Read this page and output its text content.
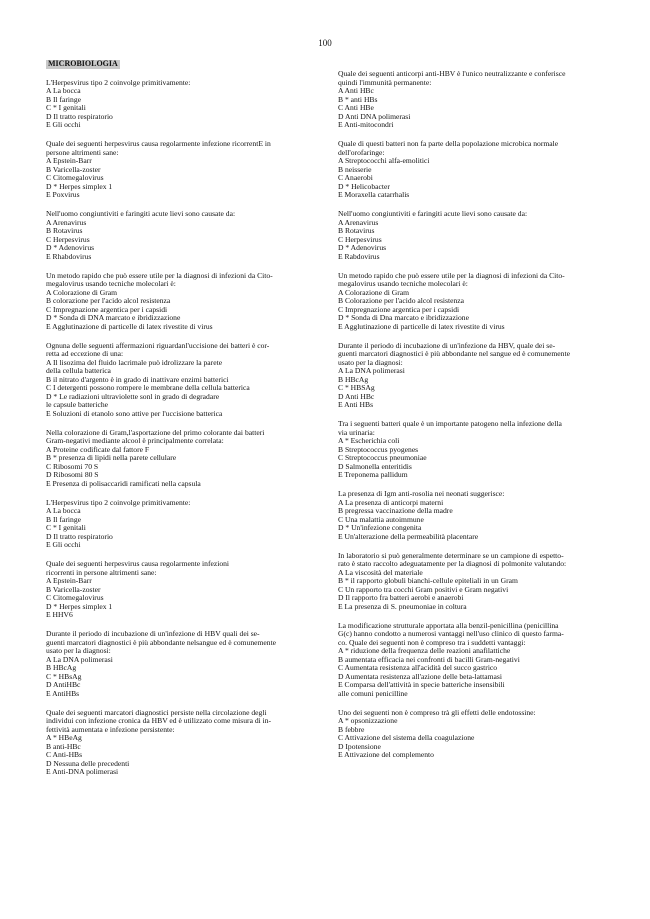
100
MICROBIOLOGIA
L'Herpesvirus tipo 2 coinvolge primitivamente:
A La bocca
B Il faringe
C * I genitali
D Il tratto respiratorio
E Gli occhi
Quale dei seguenti herpesvirus causa regolarmente infezione ricorrentE in
persone altrimenti sane:
A Epstein-Barr
B Varicella-zoster
C Citomegalovirus
D * Herpes simplex 1
E Poxvirus
Nell'uomo congiuntiviti e faringiti acute lievi sono causate da:
A Arenavirus
B Rotavirus
C Herpesvirus
D * Adenovirus
E Rhabdovirus
Un metodo rapido che può essere utile per la diagnosi di infezioni da Cito-
megalovirus usando tecniche molecolari è:
A Colorazione di Gram
B colorazione per l'acido alcol resistenza
C Impregnazione argentica per i capsidi
D * Sonda di DNA marcato e ibridizzazione
E Agglutinazione di particelle di latex rivestite di virus
Ognuna delle seguenti affermazioni riguardanl'uccisione dei batteri è cor-
retta ad eccezione di una:
A Il lisozima del fluido lacrimale può idrolizzare la parete
della cellula batterica
B il nitrato d'argento è in grado di inattivare enzimi batterici
C I detergenti possono rompere le membrane della cellula batterica
D * Le radiazioni ultraviolette sonl in grado di degradare
le capsule batteriche
E Soluzioni di etanolo sono attive per l'uccisione batterica
Nella colorazione di Gram,l'asportazione del primo colorante dai batteri
Gram-negativi mediante alcool è principalmente correlata:
A Proteine codificate dal fattore F
B * presenza di lipidi nella parete cellulare
C Ribosomi 70 S
D Ribosomi 80 S
E Presenza di polisaccaridi ramificati nella capsula
L'Herpesvirus tipo 2 coinvolge primitivamente:
A La bocca
B Il faringe
C * I genitali
D Il tratto respiratorio
E Gli occhi
Quale dei seguenti herpesvirus causa regolarmente infezioni
ricorrenti in persone altrimenti sane:
A Epstein-Barr
B Varicella-zoster
C Citomegalovirus
D * Herpes simplex 1
E HHV6
Durante il periodo di incubazione di un'infezione di HBV quali dei se-
guenti marcatori diagnostici è più abbondante nelsangue ed è comunemente
usato per la diagnosi:
A La DNA polimerasi
B HBcAg
C * HBsAg
D AntiHBc
E AntiHBs
Quale dei seguenti marcatori diagnostici persiste nella circolazione degli
individui con infezione cronica da HBV ed è utilizzato come misura di in-
fettività aumentata e infezione persistente:
A * HBeAg
B anti-HBc
C Anti-HBs
D Nessuna delle precedenti
E Anti-DNA polimerasi
Quale dei seguenti anticorpi anti-HBV è l'unico neutralizzante e conferisce
quindi l'immunità permanente:
A Anti HBc
B * anti HBs
C Anti HBe
D Anti DNA polimerasi
E Anti-mitocondri
Quale di questi batteri non fa parte della popolazione microbica normale
dell'orofaringe:
A Streptococchi alfa-emolitici
B neisserie
C Anaerobi
D * Helicobacter
E Moraxella catarrhalis
Nell'uomo congiuntiviti e faringiti acute lievi sono causate da:
A Arenavirus
B Rotavirus
C Herpesvirus
D * Adenovirus
E Rabdovirus
Un metodo rapido che può essere utile per la diagnosi di infezioni da Cito-
megalovirus usando tecniche molecolari è:
A Colorazione di Gram
B Colorazione per l'acido alcol resistenza
C Impregnazione argentica per i capsidi
D * Sonda di Dna marcato e ibridizzazione
E Agglutinazione di particelle di latex rivestite di virus
Durante il periodo di incubazione di un'infezione da HBV, quale dei se-
guenti marcatori diagnostici è più abbondante nel sangue ed è comunemente
usato per la diagnosi:
A La DNA polimerasi
B HBcAg
C * HBSAg
D Anti HBc
E Anti HBs
Tra i seguenti batteri quale è un importante patogeno nella infezione della
via urinaria:
A * Escherichia coli
B Streptococcus pyogenes
C Streptococcus pneumoniae
D Salmonella enteritidis
E Treponema pallidum
La presenza di Igm anti-rosolia nei neonati suggerisce:
A La presenza di anticorpi materni
B pregressa vaccinazione della madre
C Una malattia autoimmune
D * Un'infezione congenita
E Un'alterazione della permeabilità placentare
In laboratorio si può generalmente determinare se un campione di espetto-
rato è stato raccolto adeguatamente per la diagnosi di polmonite valutando:
A La viscosità del materiale
B * il rapporto globuli bianchi-cellule epiteliali in un Gram
C Un rapporto tra cocchi Gram positivi e Gram negativi
D Il rapporto fra batteri aerobi e anaerobi
E La presenza di S. pneumoniae in coltura
La modificazione strutturale apportata alla benzil-penicillina (penicillina
G(c) hanno condotto a numerosi vantaggi nell'uso clinico di questo farma-
co. Quale dei seguenti non è compreso tra i suddetti vantaggi:
A * riduzione della frequenza delle reazioni anafilattiche
B aumentata efficacia nei confronti di bacilli Gram-negativi
C Aumentata resistenza all'acidità del succo gastrico
D Aumentata resistenza all'azione delle beta-lattamasi
E Comparsa dell'attività in specie batteriche insensibili
alle comuni penicilline
Uno dei seguenti non è compreso trà gli effetti delle endotossine:
A * opsonizzazione
B febbre
C Attivazione del sistema della coagulazione
D Ipotensione
E Attivazione del complemento
